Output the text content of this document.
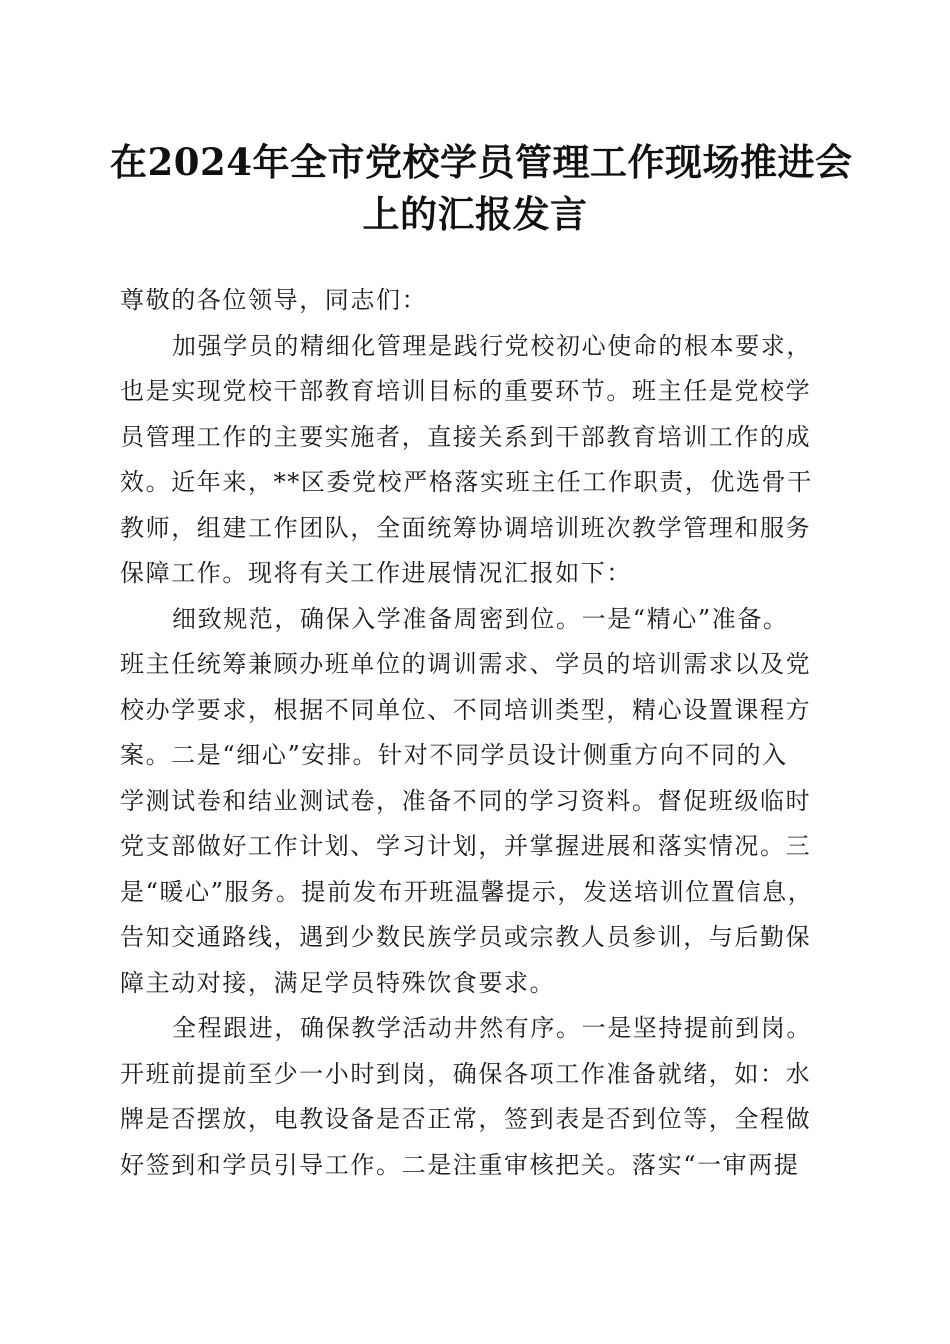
在2024年全市党校学员管理工作现场推进会
上的汇报发言
尊敬的各位领导，同志们：
加强学员的精细化管理是践行党校初心使命的根本要求，
也是实现党校干部教育培训目标的重要环节。班主任是党校学
员管理工作的主要实施者，直接关系到干部教育培训工作的成
效。近年来，**区委党校严格落实班主任工作职责，优选骨干
教师，组建工作团队，全面统筹协调培训班次教学管理和服务
保障工作。现将有关工作进展情况汇报如下：
细致规范，确保入学准备周密到位。一是“精心”准备。
班主任统筹兼顾办班单位的调训需求、学员的培训需求以及党
校办学要求，根据不同单位、不同培训类型，精心设置课程方
案。二是“细心”安排。针对不同学员设计侧重方向不同的入
学测试卷和结业测试卷，准备不同的学习资料。督促班级临时
党支部做好工作计划、学习计划，并掌握进展和落实情况。三
是“暖心”服务。提前发布开班温馨提示，发送培训位置信息，
告知交通路线，遇到少数民族学员或宗教人员参训，与后勤保
障主动对接，满足学员特殊饮食要求。
全程跟进，确保教学活动井然有序。一是坚持提前到岗。
开班前提前至少一小时到岗，确保各项工作准备就绪，如：水
牌是否摆放，电教设备是否正常，签到表是否到位等，全程做
好签到和学员引导工作。二是注重审核把关。落实“一审两提
